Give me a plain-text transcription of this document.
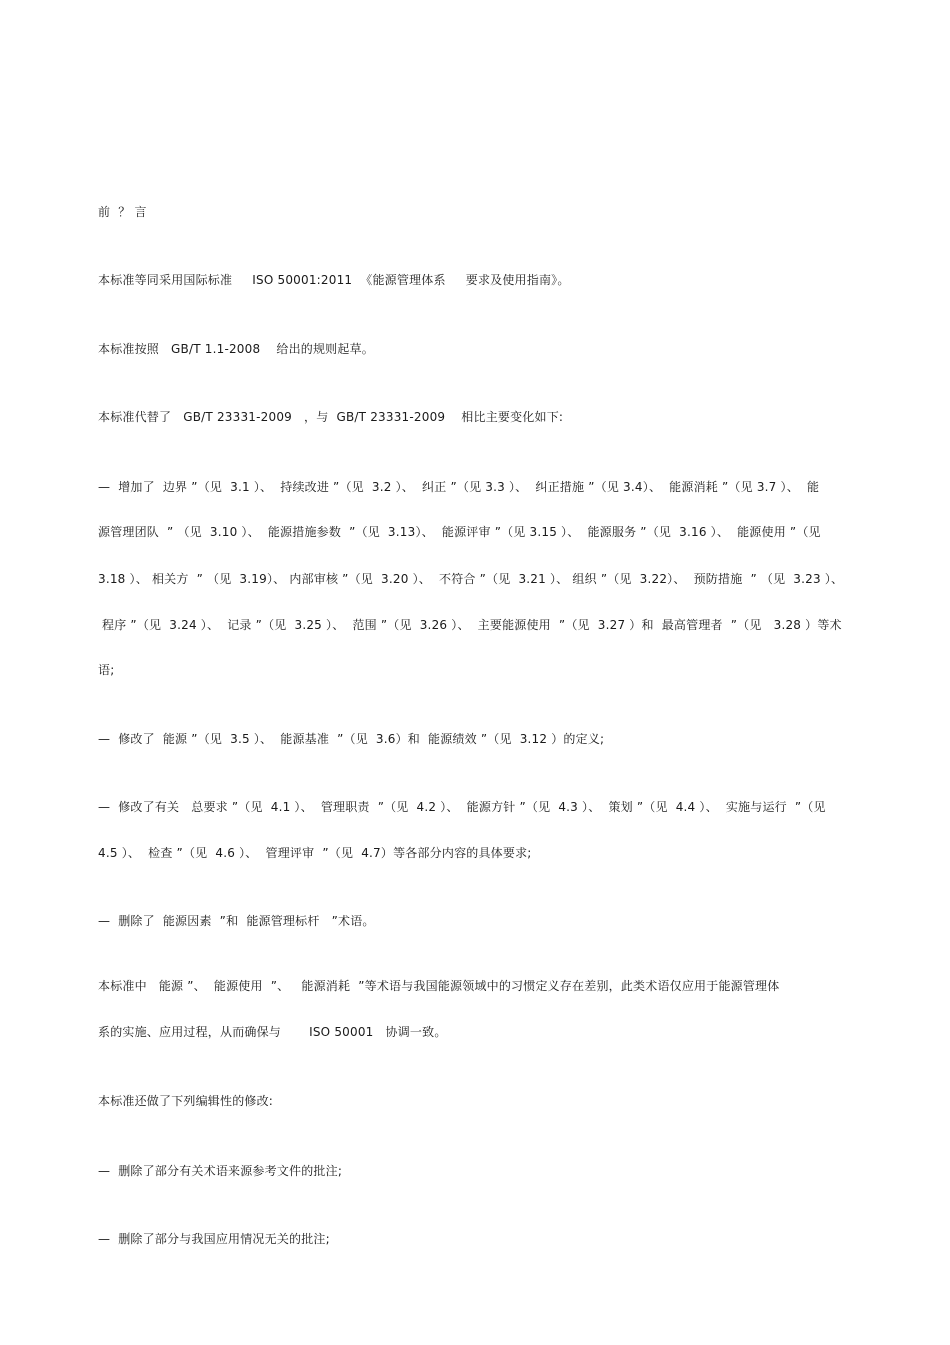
前  ？ 言
本标准等同采用国际标准     ISO 50001:2011  《能源管理体系     要求及使用指南》。
本标准按照   GB/T 1.1-2008    给出的规则起草。
本标准代替了   GB/T 23331-2009   ，与  GB/T 23331-2009    相比主要变化如下:
—  增加了  边界 ”（见  3.1 ）、  持续改进 ”（见  3.2 ）、  纠正 ”（见 3.3 ）、  纠正措施 ”（见 3.4）、  能源消耗 ”（见 3.7 ）、  能
源管理团队  ” （见  3.10 ）、  能源措施参数  ”（见  3.13）、  能源评审 ”（见 3.15 ）、  能源服务 ”（见  3.16 ）、  能源使用 ”（见
3.18 ）、 相关方  ” （见  3.19）、 内部审核 ”（见  3.20 ）、  不符合 ”（见  3.21 ）、 组织 ”（见  3.22）、  预防措施  ” （见  3.23 ）、
程序 ”（见  3.24 ）、  记录 ”（见  3.25 ）、  范围 ”（见  3.26 ）、  主要能源使用  ”（见  3.27 ）和  最高管理者  ”（见   3.28 ）等术
语;
—  修改了  能源 ”（见  3.5 ）、  能源基准  ”（见  3.6）和  能源绩效 ”（见  3.12 ）的定义;
—  修改了有关   总要求 ”（见  4.1 ）、  管理职责  ”（见  4.2 ）、  能源方针 ”（见  4.3 ）、  策划 ”（见  4.4 ）、  实施与运行  ”（见
4.5 ）、  检查 ”（见  4.6 ）、  管理评审  ”（见  4.7）等各部分内容的具体要求;
—  删除了  能源因素  ”和  能源管理标杆   ”术语。
本标准中   能源 ”、  能源使用  ”、   能源消耗  ”等术语与我国能源领域中的习惯定义存在差别，此类术语仅应用于能源管理体
系的实施、应用过程，从而确保与       ISO 50001   协调一致。
本标准还做了下列编辑性的修改:
—  删除了部分有关术语来源参考文件的批注;
—  删除了部分与我国应用情况无关的批注;
